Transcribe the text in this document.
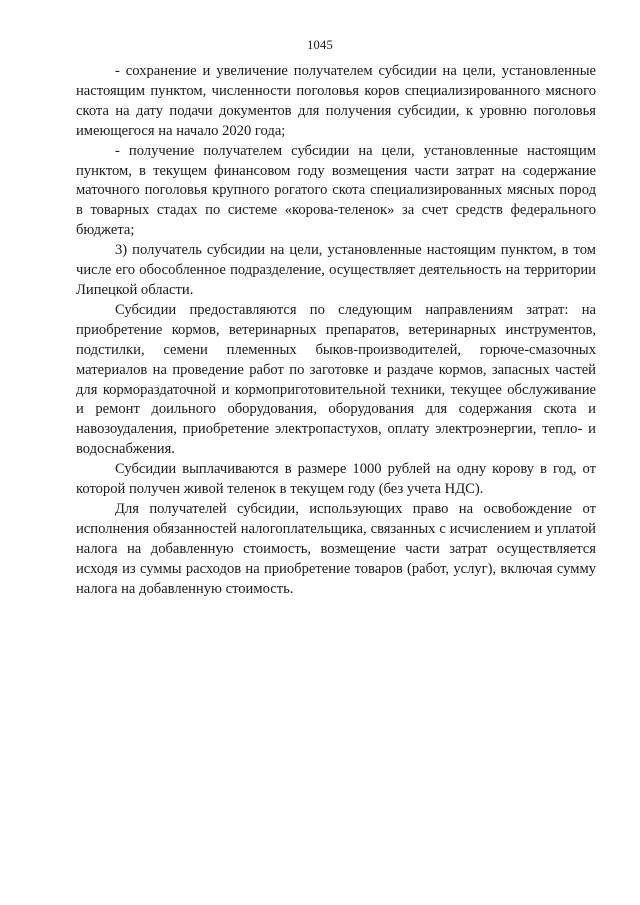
1045

- сохранение и увеличение получателем субсидии на цели, установленные настоящим пунктом, численности поголовья коров специализированного мясного скота на дату подачи документов для получения субсидии, к уровню поголовья имеющегося на начало 2020 года;

- получение получателем субсидии на цели, установленные настоящим пунктом, в текущем финансовом году возмещения части затрат на содержание маточного поголовья крупного рогатого скота специализированных мясных пород в товарных стадах по системе «корова-теленок» за счет средств федерального бюджета;

3) получатель субсидии на цели, установленные настоящим пунктом, в том числе его обособленное подразделение, осуществляет деятельность на территории Липецкой области.

Субсидии предоставляются по следующим направлениям затрат: на приобретение кормов, ветеринарных препаратов, ветеринарных инструментов, подстилки, семени племенных быков-производителей, горюче-смазочных материалов на проведение работ по заготовке и раздаче кормов, запасных частей для кормораздаточной и кормоприготовительной техники, текущее обслуживание и ремонт доильного оборудования, оборудования для содержания скота и навозоудаления, приобретение электропастухов, оплату электроэнергии, тепло- и водоснабжения.

Субсидии выплачиваются в размере 1000 рублей на одну корову в год, от которой получен живой теленок в текущем году (без учета НДС).

Для получателей субсидии, использующих право на освобождение от исполнения обязанностей налогоплательщика, связанных с исчислением и уплатой налога на добавленную стоимость, возмещение части затрат осуществляется исходя из суммы расходов на приобретение товаров (работ, услуг), включая сумму налога на добавленную стоимость.
